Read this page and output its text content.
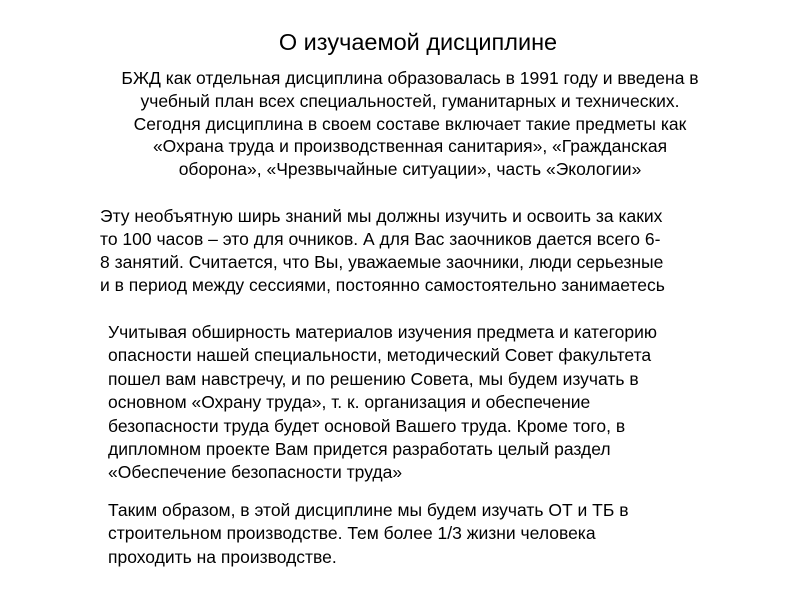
О изучаемой дисциплине
БЖД как отдельная дисциплина образовалась в 1991 году и введена в
учебный план всех специальностей, гуманитарных и технических.
Сегодня дисциплина в своем составе включает такие предметы как
«Охрана труда и производственная санитария», «Гражданская
оборона», «Чрезвычайные ситуации», часть «Экологии»
Эту необъятную ширь знаний мы должны изучить и освоить за каких
то 100 часов – это для очников. А для Вас заочников дается всего 6-
8 занятий. Считается, что Вы, уважаемые заочники, люди серьезные
и в период между сессиями, постоянно самостоятельно занимаетесь
Учитывая обширность материалов изучения предмета и категорию
опасности нашей специальности, методический Совет факультета
пошел вам навстречу, и по решению Совета, мы будем изучать в
основном «Охрану труда», т. к. организация и обеспечение
безопасности труда будет основой Вашего труда. Кроме того, в
дипломном проекте Вам придется разработать целый раздел
«Обеспечение безопасности труда»
Таким образом, в этой дисциплине мы будем изучать ОТ и ТБ в
строительном производстве. Тем более 1/3 жизни человека
проходить на производстве.
